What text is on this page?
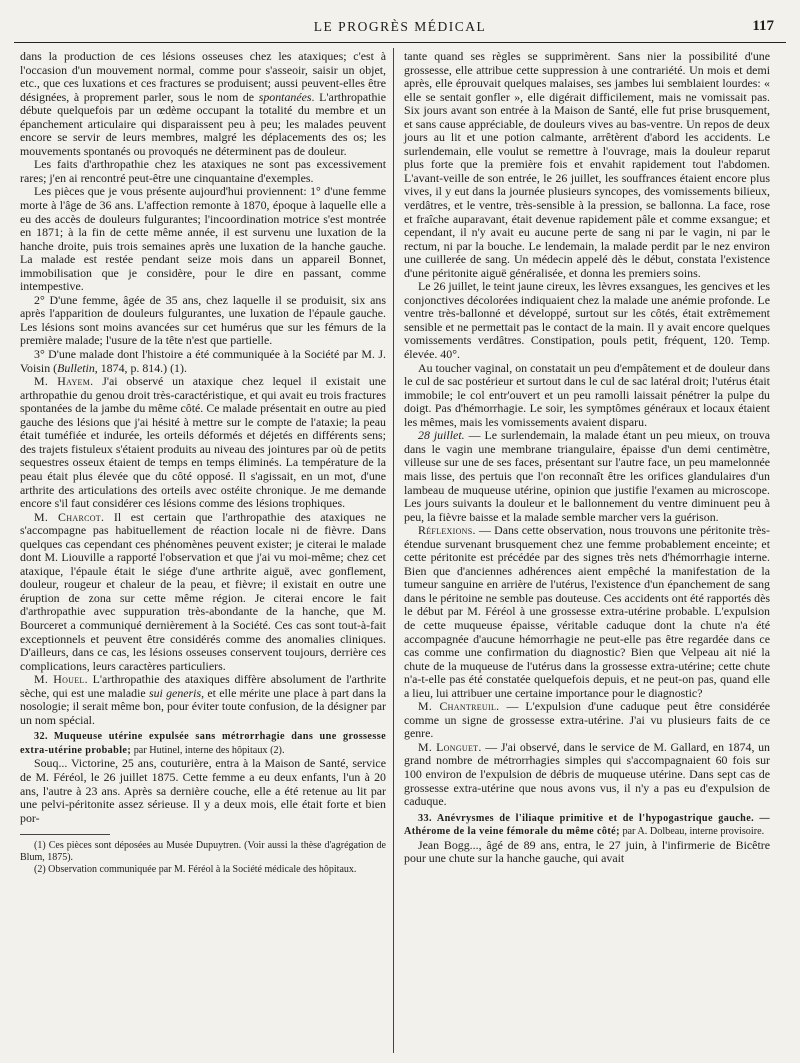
LE PROGRÈS MÉDICAL	117

dans la production de ces lésions osseuses chez les ataxiques; c'est à l'occasion d'un mouvement normal, comme pour s'asseoir, saisir un objet, etc., que ces luxations et ces fractures se produisent; aussi peuvent-elles être désignées, à proprement parler, sous le nom de spontanées. L'arthropathie débute quelquefois par un œdème occupant la totalité du membre et un épanchement articulaire qui disparaissent peu à peu; les malades peuvent encore se servir de leurs membres, malgré les déplacements des os; les mouvements spontanés ou provoqués ne déterminent pas de douleur.

Les faits d'arthropathie chez les ataxiques ne sont pas excessivement rares; j'en ai rencontré peut-être une cinquantaine d'exemples.

Les pièces que je vous présente aujourd'hui proviennent: 1° d'une femme morte à l'âge de 36 ans. L'affection remonte à 1870, époque à laquelle elle a eu des accès de douleurs fulgurantes; l'incoordination motrice s'est montrée en 1871; à la fin de cette même année, il est survenu une luxation de la hanche droite, puis trois semaines après une luxation de la hanche gauche. La malade est restée pendant seize mois dans un appareil Bonnet, immobilisation que je considère, pour le dire en passant, comme intempestive.

2° D'une femme, âgée de 35 ans, chez laquelle il se produisit, six ans après l'apparition de douleurs fulgurantes, une luxation de l'épaule gauche. Les lésions sont moins avancées sur cet humérus que sur les fémurs de la première malade; l'usure de la tête n'est que partielle.

3° D'une malade dont l'histoire a été communiquée à la Société par M. J. Voisin (Bulletin, 1874, p. 814.) (1).

M. Hayem. J'ai observé un ataxique chez lequel il existait une arthropathie du genou droit très-caractéristique, et qui avait eu trois fractures spontanées de la jambe du même côté. Ce malade présentait en outre au pied gauche des lésions que j'ai hésité à mettre sur le compte de l'ataxie; la peau était tuméfiée et indurée, les orteils déformés et déjetés en différents sens; des trajets fistuleux s'étaient produits au niveau des jointures par où de petits sequestres osseux étaient de temps en temps éliminés. La température de la peau était plus élevée que du côté opposé. Il s'agissait, en un mot, d'une arthrite des articulations des orteils avec ostéite chronique. Je me demande encore s'il faut considérer ces lésions comme des lésions trophiques.

M. Charcot. Il est certain que l'arthropathie des ataxiques ne s'accompagne pas habituellement de réaction locale ni de fièvre. Dans quelques cas cependant ces phénomènes peuvent exister; je citerai le malade dont M. Liouville a rapporté l'observation et que j'ai vu moi-même; chez cet ataxique, l'épaule était le siége d'une arthrite aiguë, avec gonflement, douleur, rougeur et chaleur de la peau, et fièvre; il existait en outre une éruption de zona sur cette même région. Je citerai encore le fait d'arthropathie avec suppuration très-abondante de la hanche, que M. Bourceret a communiqué dernièrement à la Société. Ces cas sont tout-à-fait exceptionnels et peuvent être considérés comme des anomalies cliniques. D'ailleurs, dans ce cas, les lésions osseuses conservent toujours, derrière ces complications, leurs caractères particuliers.

M. Houel. L'arthropathie des ataxiques diffère absolument de l'arthrite sèche, qui est une maladie sui generis, et elle mérite une place à part dans la nosologie; il serait même bon, pour éviter toute confusion, de la désigner par un nom spécial.

32. Muqueuse utérine expulsée sans métrorrhagie dans une grossesse extra-utérine probable; par Hutinel, interne des hôpitaux (2).

Souq... Victorine, 25 ans, couturière, entra à la Maison de Santé, service de M. Féréol, le 26 juillet 1875. Cette femme a eu deux enfants, l'un à 20 ans, l'autre à 23 ans. Après sa dernière couche, elle a été retenue au lit par une pelvi-péritonite assez sérieuse. Il y a deux mois, elle était forte et bien por-

(1) Ces pièces sont déposées au Musée Dupuytren. (Voir aussi la thèse d'agrégation de Blum, 1875).

(2) Observation communiquée par M. Féréol à la Société médicale des hôpitaux.

tante quand ses règles se supprimèrent. Sans nier la possibilité d'une grossesse, elle attribue cette suppression à une contrariété. Un mois et demi après, elle éprouvait quelques malaises, ses jambes lui semblaient lourdes: « elle se sentait gonfler », elle digérait difficilement, mais ne vomissait pas. Six jours avant son entrée à la Maison de Santé, elle fut prise brusquement, et sans cause appréciable, de douleurs vives au bas-ventre. Un repos de deux jours au lit et une potion calmante, arrêtèrent d'abord les accidents. Le surlendemain, elle voulut se remettre à l'ouvrage, mais la douleur reparut plus forte que la première fois et envahit rapidement tout l'abdomen. L'avant-veille de son entrée, le 26 juillet, les souffrances étaient encore plus vives, il y eut dans la journée plusieurs syncopes, des vomissements bilieux, verdâtres, et le ventre, très-sensible à la pression, se ballonna. La face, rose et fraîche auparavant, était devenue rapidement pâle et comme exsangue; et cependant, il n'y avait eu aucune perte de sang ni par le vagin, ni par le rectum, ni par la bouche. Le lendemain, la malade perdit par le nez environ une cuillerée de sang. Un médecin appelé dès le début, constata l'existence d'une péritonite aiguë généralisée, et donna les premiers soins.

Le 26 juillet, le teint jaune cireux, les lèvres exsangues, les gencives et les conjonctives décolorées indiquaient chez la malade une anémie profonde. Le ventre très-ballonné et développé, surtout sur les côtés, était extrêmement sensible et ne permettait pas le contact de la main. Il y avait encore quelques vomissements verdâtres. Constipation, pouls petit, fréquent, 120. Temp. élevée. 40°.

Au toucher vaginal, on constatait un peu d'empâtement et de douleur dans le cul de sac postérieur et surtout dans le cul de sac latéral droit; l'utérus était immobile; le col entr'ouvert et un peu ramolli laissait pénétrer la pulpe du doigt. Pas d'hémorrhagie. Le soir, les symptômes généraux et locaux étaient les mêmes, mais les vomissements avaient disparu.

28 juillet. — Le surlendemain, la malade étant un peu mieux, on trouva dans le vagin une membrane triangulaire, épaisse d'un demi centimètre, villeuse sur une de ses faces, présentant sur l'autre face, un peu mamelonnée mais lisse, des pertuis que l'on reconnaît être les orifices glandulaires d'un lambeau de muqueuse utérine, opinion que justifie l'examen au microscope. Les jours suivants la douleur et le ballonnement du ventre diminuent peu à peu, la fièvre baisse et la malade semble marcher vers la guérison.

Réflexions. — Dans cette observation, nous trouvons une péritonite très-étendue survenant brusquement chez une femme probablement enceinte; et cette péritonite est précédée par des signes très nets d'hémorrhagie interne. Bien que d'anciennes adhérences aient empêché la manifestation de la tumeur sanguine en arrière de l'utérus, l'existence d'un épanchement de sang dans le péritoine ne semble pas douteuse. Ces accidents ont été rapportés dès le début par M. Féréol à une grossesse extra-utérine probable. L'expulsion de cette muqueuse épaisse, véritable caduque dont la chute n'a été accompagnée d'aucune hémorrhagie ne peut-elle pas être regardée dans ce cas comme une confirmation du diagnostic? Bien que Velpeau ait nié la chute de la muqueuse de l'utérus dans la grossesse extra-utérine; cette chute n'a-t-elle pas été constatée quelquefois depuis, et ne peut-on pas, quand elle a lieu, lui attribuer une certaine importance pour le diagnostic?

M. Chantreuil. — L'expulsion d'une caduque peut être considérée comme un signe de grossesse extra-utérine. J'ai vu plusieurs faits de ce genre.

M. Longuet. — J'ai observé, dans le service de M. Gallard, en 1874, un grand nombre de métrorrhagies simples qui s'accompagnaient 60 fois sur 100 environ de l'expulsion de débris de muqueuse utérine. Dans sept cas de grossesse extra-utérine que nous avons vus, il n'y a pas eu d'expulsion de caduque.

33. Anévrysmes de l'iliaque primitive et de l'hypogastrique gauche. — Athérome de la veine fémorale du même côté; par A. Dolbeau, interne provisoire.

Jean Bogg..., âgé de 89 ans, entra, le 27 juin, à l'infirmerie de Bicêtre pour une chute sur la hanche gauche, qui avait
